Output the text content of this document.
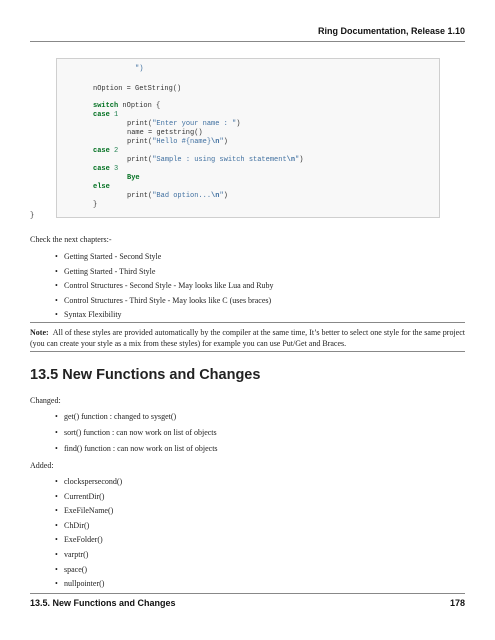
Ring Documentation, Release 1.10
")
nOption = GetString()
switch nOption {
case 1
print("Enter your name : ")
name = getstring()
print("Hello #{name}\n")
case 2
print("Sample : using switch statement\n")
case 3
Bye
else
print("Bad option...\n")
}
}
Check the next chapters:-
• Getting Started - Second Style
• Getting Started - Third Style
• Control Structures - Second Style - May looks like Lua and Ruby
• Control Structures - Third Style - May looks like C (uses braces)
• Syntax Flexibility
Note: All of these styles are provided automatically by the compiler at the same time, It’s better to select one style for the same project (you can create your style as a mix from these styles) for example you can use Put/Get and Braces.
13.5 New Functions and Changes
Changed:
• get() function : changed to sysget()
• sort() function : can now work on list of objects
• find() function : can now work on list of objects
Added:
• clockspersecond()
• CurrentDir()
• ExeFileName()
• ChDir()
• ExeFolder()
• varptr()
• space()
• nullpointer()
13.5. New Functions and Changes	178
